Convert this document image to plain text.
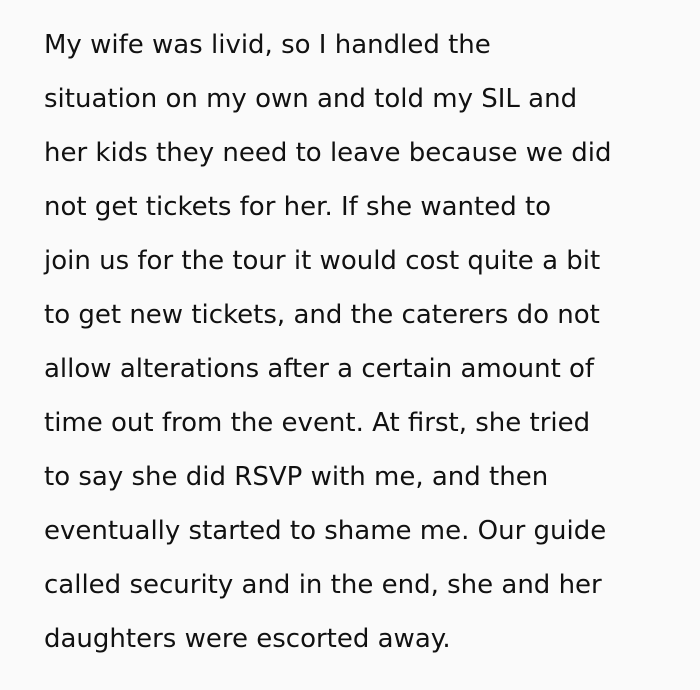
My wife was livid, so I handled the
situation on my own and told my SIL and
her kids they need to leave because we did
not get tickets for her. If she wanted to
join us for the tour it would cost quite a bit
to get new tickets, and the caterers do not
allow alterations after a certain amount of
time out from the event. At first, she tried
to say she did RSVP with me, and then
eventually started to shame me. Our guide
called security and in the end, she and her
daughters were escorted away.
